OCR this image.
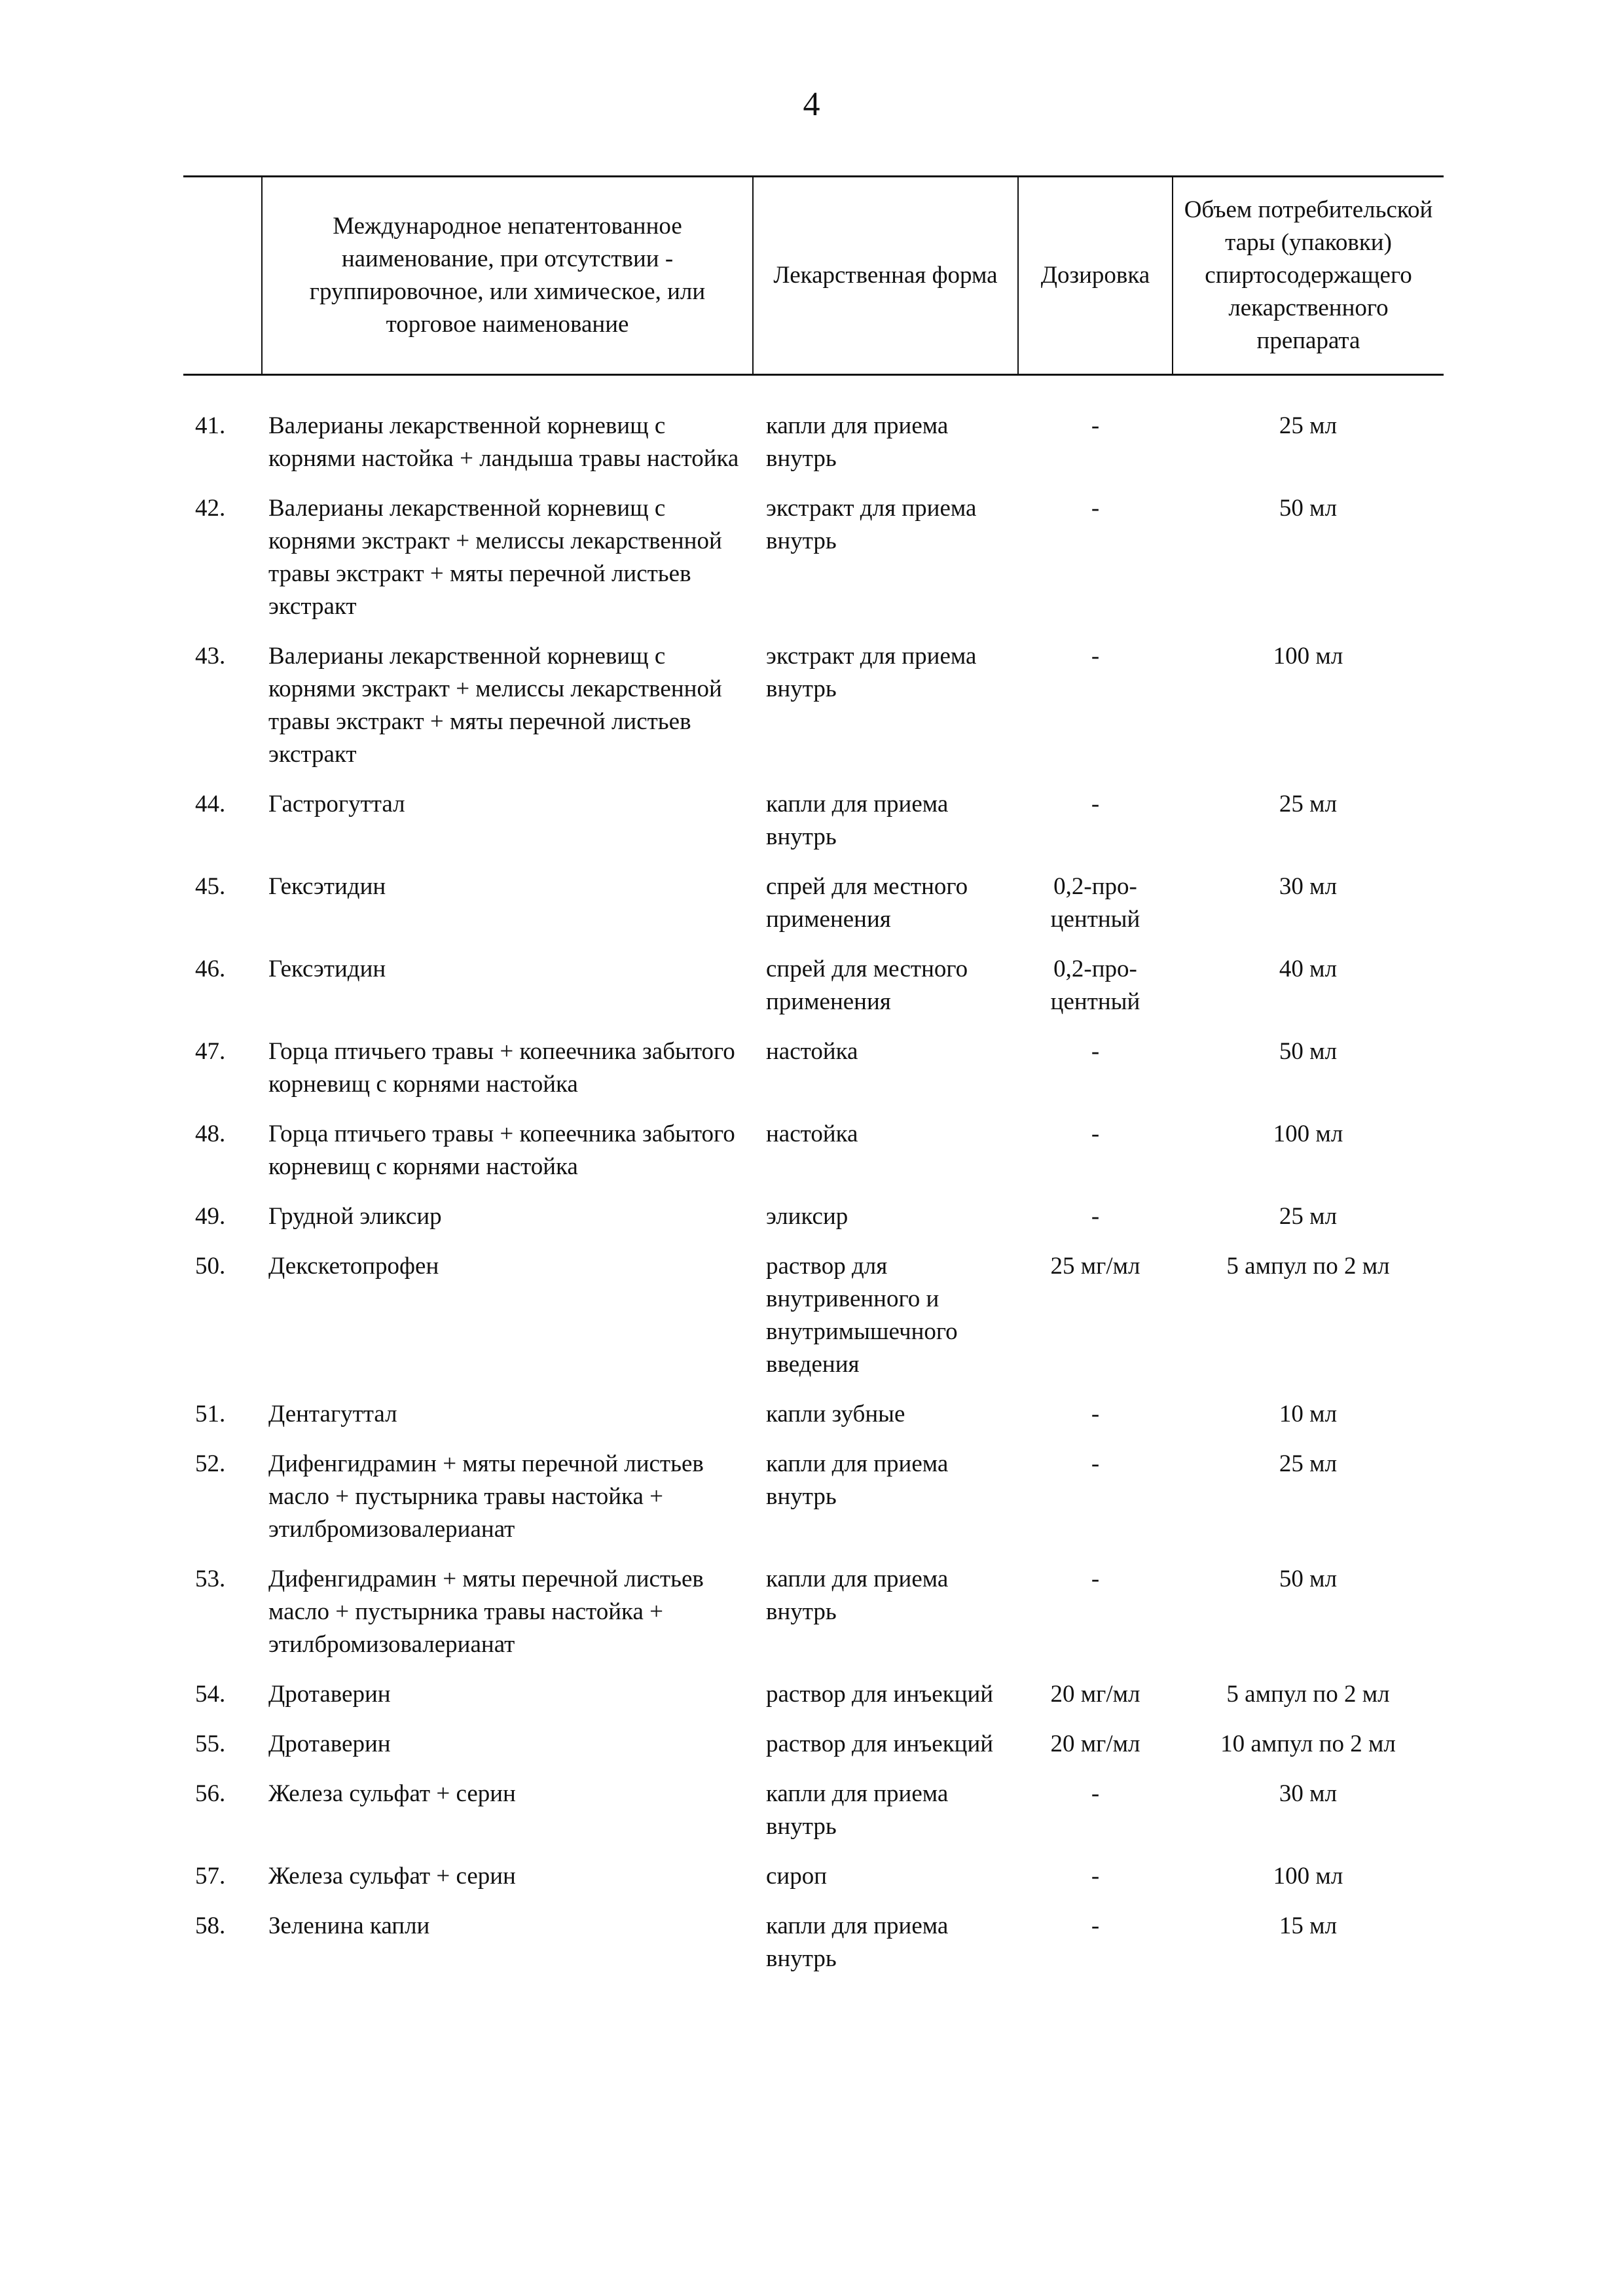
4
	Международное непатентованное наименование, при отсутствии - группировочное, или химическое, или торговое наименование	Лекарственная форма	Дозировка	Объем потребительской тары (упаковки) спиртосодержащего лекарственного препарата

41.	Валерианы лекарственной корневищ с корнями настойка + ландыша травы настойка	капли для приема внутрь	-	25 мл
42.	Валерианы лекарственной корневищ с корнями экстракт + мелиссы лекарственной травы экстракт + мяты перечной листьев экстракт	экстракт для приема внутрь	-	50 мл
43.	Валерианы лекарственной корневищ с корнями экстракт + мелиссы лекарственной травы экстракт + мяты перечной листьев экстракт	экстракт для приема внутрь	-	100 мл
44.	Гастрогуттал	капли для приема внутрь	-	25 мл
45.	Гексэтидин	спрей для местного применения	0,2-про-центный	30 мл
46.	Гексэтидин	спрей для местного применения	0,2-про-центный	40 мл
47.	Горца птичьего травы + копеечника забытого корневищ с корнями настойка	настойка	-	50 мл
48.	Горца птичьего травы + копеечника забытого корневищ с корнями настойка	настойка	-	100 мл
49.	Грудной эликсир	эликсир	-	25 мл
50.	Декскетопрофен	раствор для внутривенного и внутримышечного введения	25 мг/мл	5 ампул по 2 мл
51.	Дентагуттал	капли зубные	-	10 мл
52.	Дифенгидрамин + мяты перечной листьев масло + пустырника травы настойка + этилбромизовалерианат	капли для приема внутрь	-	25 мл
53.	Дифенгидрамин + мяты перечной листьев масло + пустырника травы настойка + этилбромизовалерианат	капли для приема внутрь	-	50 мл
54.	Дротаверин	раствор для инъекций	20 мг/мл	5 ампул по 2 мл
55.	Дротаверин	раствор для инъекций	20 мг/мл	10 ампул по 2 мл
56.	Железа сульфат + серин	капли для приема внутрь	-	30 мл
57.	Железа сульфат + серин	сироп	-	100 мл
58.	Зеленина капли	капли для приема внутрь	-	15 мл
